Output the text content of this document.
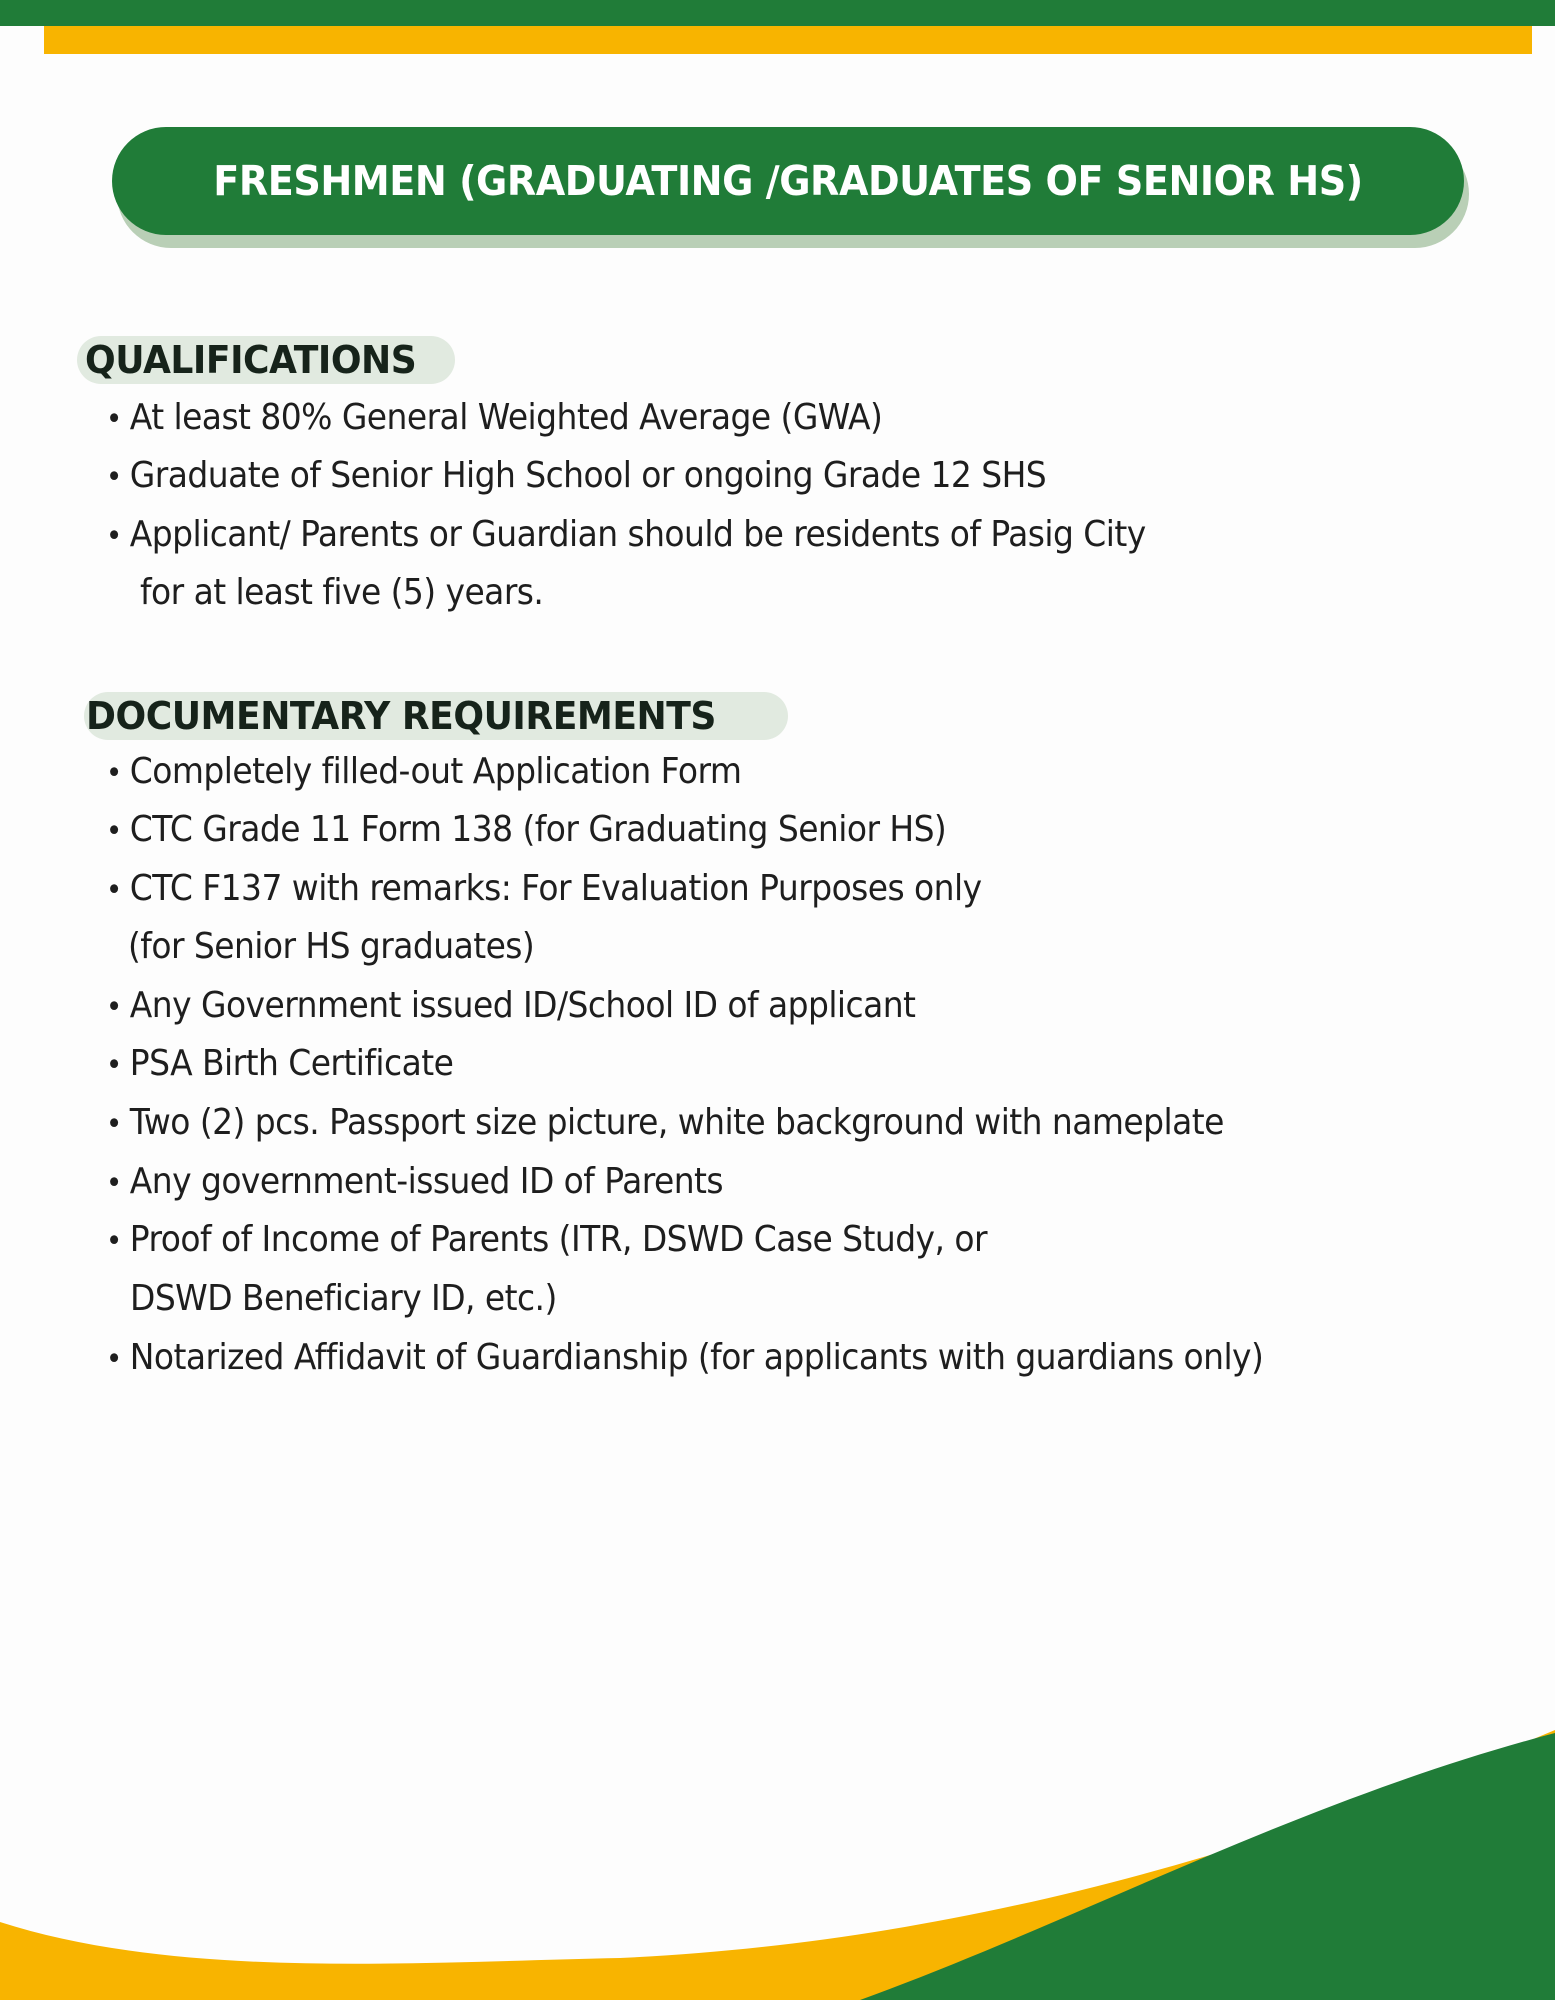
FRESHMEN (GRADUATING /GRADUATES OF SENIOR HS)
QUALIFICATIONS
• At least 80% General Weighted Average (GWA)
• Graduate of Senior High School or ongoing Grade 12 SHS
• Applicant/ Parents or Guardian should be residents of Pasig City
for at least five (5) years.
DOCUMENTARY REQUIREMENTS
• Completely filled-out Application Form
• CTC Grade 11 Form 138 (for Graduating Senior HS)
• CTC F137 with remarks: For Evaluation Purposes only
(for Senior HS graduates)
• Any Government issued ID/School ID of applicant
• PSA Birth Certificate
• Two (2) pcs. Passport size picture, white background with nameplate
• Any government-issued ID of Parents
• Proof of Income of Parents (ITR, DSWD Case Study, or
DSWD Beneficiary ID, etc.)
• Notarized Affidavit of Guardianship (for applicants with guardians only)
